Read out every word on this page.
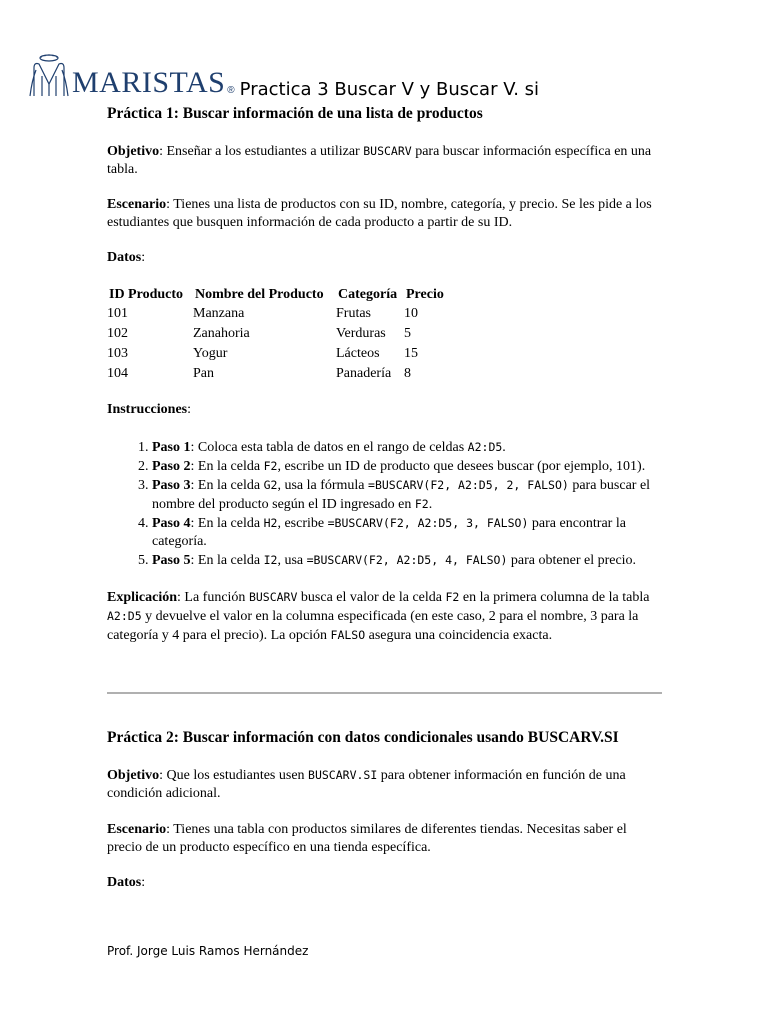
MARISTAS ® Practica 3 Buscar V y Buscar V. si

Práctica 1: Buscar información de una lista de productos

Objetivo: Enseñar a los estudiantes a utilizar BUSCARV para buscar información específica en una tabla.

Escenario: Tienes una lista de productos con su ID, nombre, categoría, y precio. Se les pide a los estudiantes que busquen información de cada producto a partir de su ID.

Datos:

ID Producto	Nombre del Producto	Categoría	Precio
101	Manzana	Frutas	10
102	Zanahoria	Verduras	5
103	Yogur	Lácteos	15
104	Pan	Panadería	8

Instrucciones:

1. Paso 1: Coloca esta tabla de datos en el rango de celdas A2:D5.
2. Paso 2: En la celda F2, escribe un ID de producto que desees buscar (por ejemplo, 101).
3. Paso 3: En la celda G2, usa la fórmula =BUSCARV(F2, A2:D5, 2, FALSO) para buscar el nombre del producto según el ID ingresado en F2.
4. Paso 4: En la celda H2, escribe =BUSCARV(F2, A2:D5, 3, FALSO) para encontrar la categoría.
5. Paso 5: En la celda I2, usa =BUSCARV(F2, A2:D5, 4, FALSO) para obtener el precio.

Explicación: La función BUSCARV busca el valor de la celda F2 en la primera columna de la tabla A2:D5 y devuelve el valor en la columna especificada (en este caso, 2 para el nombre, 3 para la categoría y 4 para el precio). La opción FALSO asegura una coincidencia exacta.

Práctica 2: Buscar información con datos condicionales usando BUSCARV.SI

Objetivo: Que los estudiantes usen BUSCARV.SI para obtener información en función de una condición adicional.

Escenario: Tienes una tabla con productos similares de diferentes tiendas. Necesitas saber el precio de un producto específico en una tienda específica.

Datos:

Prof. Jorge Luis Ramos Hernández
